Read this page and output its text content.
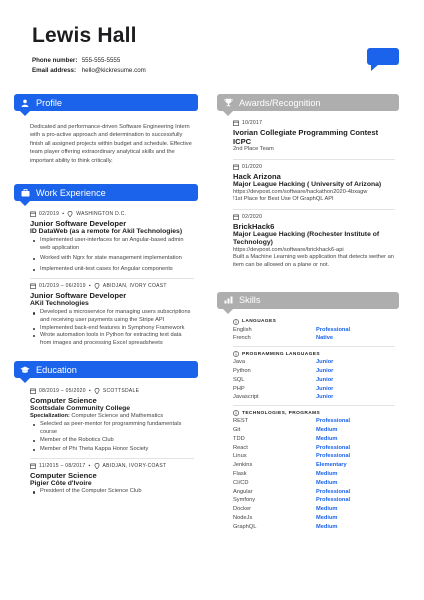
Lewis Hall
Phone number: 555-555-5555
Email address: hello@kickresume.com
Profile
Dedicated and performance-driven Software Engineering Intern with a pro-active approach and determination to successfully finish all assigned projects within budget and schedule. Effective team player offering extraordinary analytical skills and the important ability to think critically.
Work Experience
02/2019 ▪ WASHINGTON D.C.
Junior Software Developer
ID DataWeb (as a remote for Akil Technologies)
Implemented user-interfaces for an Angular-based admin web application
Worked with Ngrx for state management implementation
Implemented unit-test cases for Angular components
01/2019 – 06/2019 ▪ ABIDJAN, IVORY COAST
Junior Software Developer
AKil Technologies
Developed a microservice for managing users subscriptions and receiving user payments using the Stripe API
Implemented back-end features in Symphony Framework
Wrote automation tools in Python for extracting text data from images and processing Excel spreadsheets
Education
08/2019 – 05/2020 ▪ SCOTTSDALE
Computer Science
Scottsdale Community College
Specialization: Computer Science and Mathematics
Selected as peer-mentor for programming fundamentals course
Member of the Robotics Club
Member of Phi Theta Kappa Honor Society
11/2015 – 08/2017 ▪ ABIDJAN, IVORY-COAST
Computer Science
Pigier Côte d'Ivoire
President of the Computer Science Club
Awards/Recognition
10/2017
Ivorian Collegiate Programming Contest ICPC
2nd Place Team
01/2020
Hack Arizona
Major League Hacking ( University of Arizona)
https://devpost.com/software/hackathon2020-4bxagw
!1st Place for Best Use Of GraphQL API
02/2020
BrickHack6
Major League Hacking (Rochester Institute of Technology)
https://devpost.com/software/brickhack6-api
Built a Machine Learning web application that detects wether an item can be allowed on a plane or not.
Skills
LANGUAGES
English	Professional
French	Native
PROGRAMMING LANGUAGES
Java	Junior
Python	Junior
SQL	Junior
PHP	Junior
Javascript	Junior
TECHNOLOGIES, PROGRAMS
REST	Professional
Git	Medium
TDD	Medium
React	Professional
Linux	Professional
Jenkins	Elementary
Flask	Medium
CI/CD	Medium
Angular	Professional
Symfony	Professional
Docker	Medium
NodeJs	Medium
GraphQL	Medium
